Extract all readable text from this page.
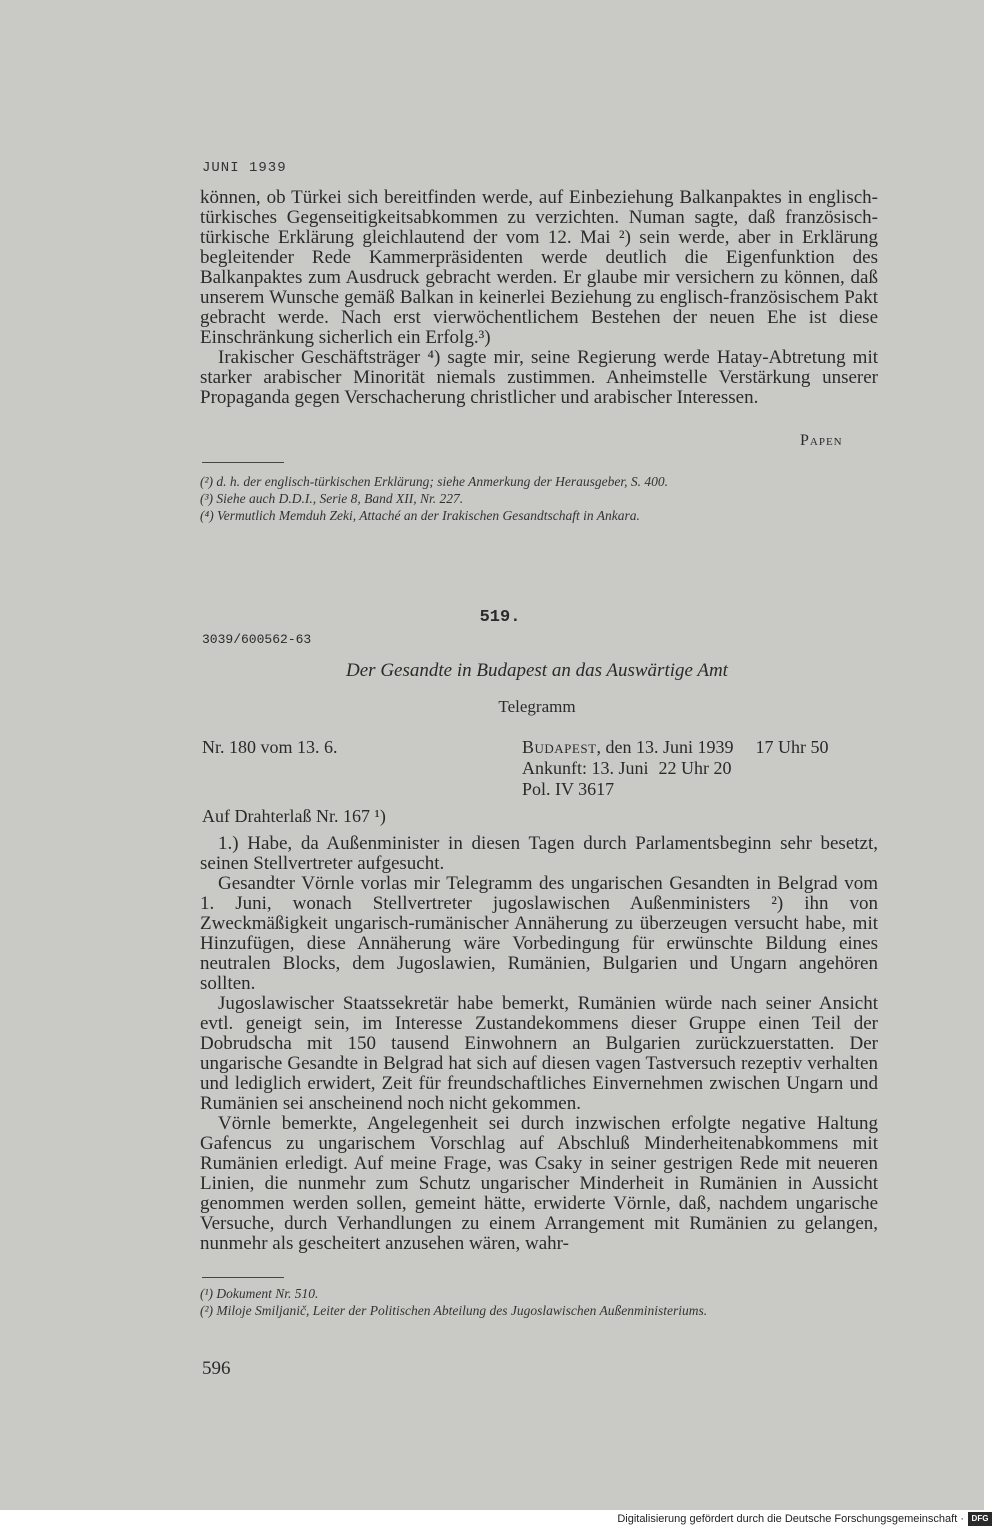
JUNI 1939

können, ob Türkei sich bereitfinden werde, auf Einbeziehung Balkanpaktes in englisch-türkisches Gegenseitigkeitsabkommen zu verzichten. Numan sagte, daß französisch-türkische Erklärung gleichlautend der vom 12. Mai ²) sein werde, aber in Erklärung begleitender Rede Kammerpräsidenten werde deutlich die Eigenfunktion des Balkanpaktes zum Ausdruck gebracht werden. Er glaube mir versichern zu können, daß unserem Wunsche gemäß Balkan in keinerlei Beziehung zu englisch-französischem Pakt gebracht werde. Nach erst vierwöchentlichem Bestehen der neuen Ehe ist diese Einschränkung sicherlich ein Erfolg.³)

Irakischer Geschäftsträger ⁴) sagte mir, seine Regierung werde Hatay-Abtretung mit starker arabischer Minorität niemals zustimmen. Anheimstelle Verstärkung unserer Propaganda gegen Verschacherung christlicher und arabischer Interessen.

Papen
(²) d. h. der englisch-türkischen Erklärung; siehe Anmerkung der Herausgeber, S. 400.
(³) Siehe auch D.D.I., Serie 8, Band XII, Nr. 227.
(⁴) Vermutlich Memduh Zeki, Attaché an der Irakischen Gesandtschaft in Ankara.
519.
3039/600562-63
Der Gesandte in Budapest an das Auswärtige Amt
Telegramm
Nr. 180 vom 13. 6.	Budapest, den 13. Juni 1939 17 Uhr 50
Ankunft: 13. Juni 22 Uhr 20
Pol. IV 3617
Auf Drahterlaß Nr. 167 ¹)

1.) Habe, da Außenminister in diesen Tagen durch Parlamentsbeginn sehr besetzt, seinen Stellvertreter aufgesucht.

Gesandter Vörnle vorlas mir Telegramm des ungarischen Gesandten in Belgrad vom 1. Juni, wonach Stellvertreter jugoslawischen Außenministers ²) ihn von Zweckmäßigkeit ungarisch-rumänischer Annäherung zu überzeugen versucht habe, mit Hinzufügen, diese Annäherung wäre Vorbedingung für erwünschte Bildung eines neutralen Blocks, dem Jugoslawien, Rumänien, Bulgarien und Ungarn angehören sollten.

Jugoslawischer Staatssekretär habe bemerkt, Rumänien würde nach seiner Ansicht evtl. geneigt sein, im Interesse Zustandekommens dieser Gruppe einen Teil der Dobrudscha mit 150 tausend Einwohnern an Bulgarien zurückzuerstatten. Der ungarische Gesandte in Belgrad hat sich auf diesen vagen Tastversuch rezeptiv verhalten und lediglich erwidert, Zeit für freundschaftliches Einvernehmen zwischen Ungarn und Rumänien sei anscheinend noch nicht gekommen.

Vörnle bemerkte, Angelegenheit sei durch inzwischen erfolgte negative Haltung Gafencus zu ungarischem Vorschlag auf Abschluß Minderheitenabkommens mit Rumänien erledigt. Auf meine Frage, was Csaky in seiner gestrigen Rede mit neueren Linien, die nunmehr zum Schutz ungarischer Minderheit in Rumänien in Aussicht genommen werden sollen, gemeint hätte, erwiderte Vörnle, daß, nachdem ungarische Versuche, durch Verhandlungen zu einem Arrangement mit Rumänien zu gelangen, nunmehr als gescheitert anzusehen wären, wahr-

(¹) Dokument Nr. 510.
(²) Miloje Smiljanič, Leiter der Politischen Abteilung des Jugoslawischen Außenministeriums.
596
Digitalisierung gefördert durch die Deutsche Forschungsgemeinschaft · DFG
